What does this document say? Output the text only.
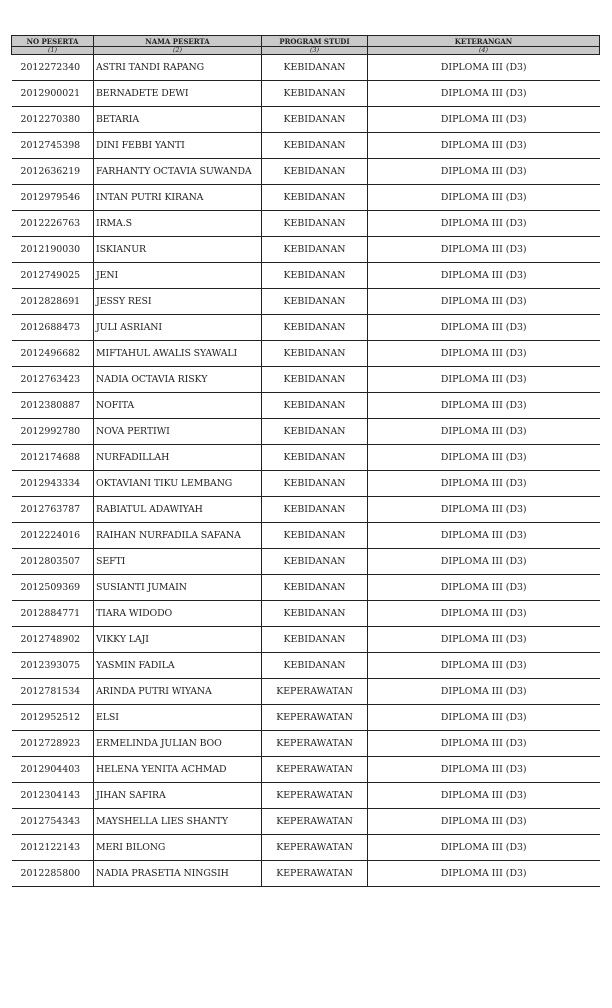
NO PESERTA	NAMA PESERTA	PROGRAM STUDI	KETERANGAN
(1)	(2)	(3)	(4)
2012272340	ASTRI TANDI RAPANG	KEBIDANAN	DIPLOMA III (D3)
2012900021	BERNADETE DEWI	KEBIDANAN	DIPLOMA III (D3)
2012270380	BETARIA	KEBIDANAN	DIPLOMA III (D3)
2012745398	DINI FEBBI YANTI	KEBIDANAN	DIPLOMA III (D3)
2012636219	FARHANTY OCTAVIA SUWANDA	KEBIDANAN	DIPLOMA III (D3)
2012979546	INTAN PUTRI KIRANA	KEBIDANAN	DIPLOMA III (D3)
2012226763	IRMA.S	KEBIDANAN	DIPLOMA III (D3)
2012190030	ISKIANUR	KEBIDANAN	DIPLOMA III (D3)
2012749025	JENI	KEBIDANAN	DIPLOMA III (D3)
2012828691	JESSY RESI	KEBIDANAN	DIPLOMA III (D3)
2012688473	JULI ASRIANI	KEBIDANAN	DIPLOMA III (D3)
2012496682	MIFTAHUL AWALIS SYAWALI	KEBIDANAN	DIPLOMA III (D3)
2012763423	NADIA OCTAVIA RISKY	KEBIDANAN	DIPLOMA III (D3)
2012380887	NOFITA	KEBIDANAN	DIPLOMA III (D3)
2012992780	NOVA PERTIWI	KEBIDANAN	DIPLOMA III (D3)
2012174688	NURFADILLAH	KEBIDANAN	DIPLOMA III (D3)
2012943334	OKTAVIANI TIKU LEMBANG	KEBIDANAN	DIPLOMA III (D3)
2012763787	RABIATUL ADAWIYAH	KEBIDANAN	DIPLOMA III (D3)
2012224016	RAIHAN NURFADILA SAFANA	KEBIDANAN	DIPLOMA III (D3)
2012803507	SEFTI	KEBIDANAN	DIPLOMA III (D3)
2012509369	SUSIANTI JUMAIN	KEBIDANAN	DIPLOMA III (D3)
2012884771	TIARA WIDODO	KEBIDANAN	DIPLOMA III (D3)
2012748902	VIKKY LAJI	KEBIDANAN	DIPLOMA III (D3)
2012393075	YASMIN FADILA	KEBIDANAN	DIPLOMA III (D3)
2012781534	ARINDA PUTRI WIYANA	KEPERAWATAN	DIPLOMA III (D3)
2012952512	ELSI	KEPERAWATAN	DIPLOMA III (D3)
2012728923	ERMELINDA JULIAN BOO	KEPERAWATAN	DIPLOMA III (D3)
2012904403	HELENA YENITA ACHMAD	KEPERAWATAN	DIPLOMA III (D3)
2012304143	JIHAN SAFIRA	KEPERAWATAN	DIPLOMA III (D3)
2012754343	MAYSHELLA LIES SHANTY	KEPERAWATAN	DIPLOMA III (D3)
2012122143	MERI BILONG	KEPERAWATAN	DIPLOMA III (D3)
2012285800	NADIA PRASETIA NINGSIH	KEPERAWATAN	DIPLOMA III (D3)
